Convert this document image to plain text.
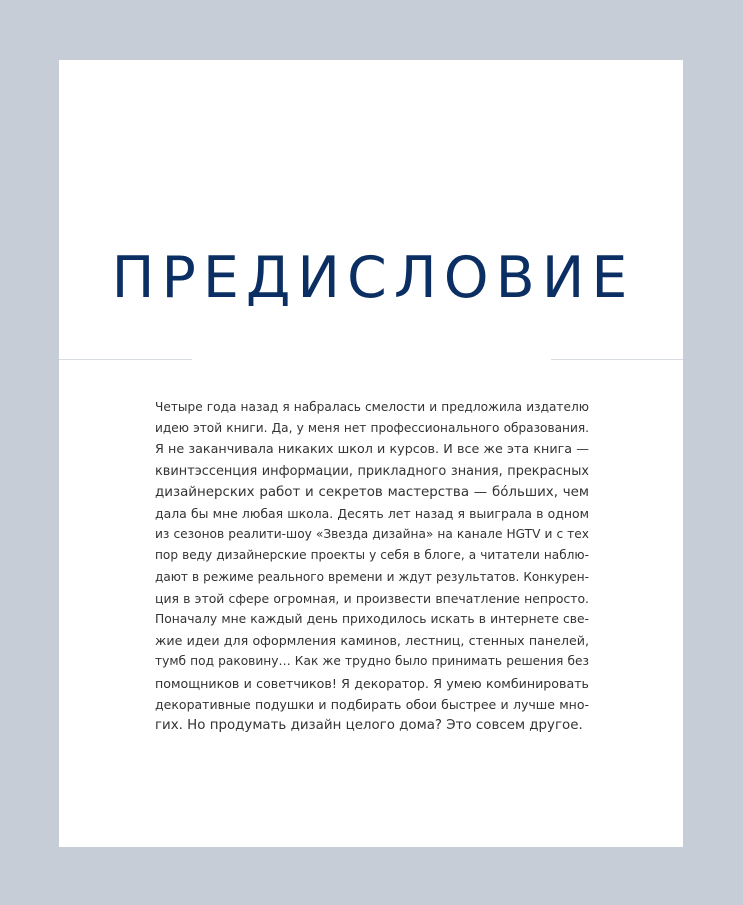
ПРЕДИСЛОВИЕ
Четыре года назад я набралась смелости и предложила издателю
идею этой книги. Да, у меня нет профессионального образования.
Я не заканчивала никаких школ и курсов. И все же эта книга —
квинтэссенция информации, прикладного знания, прекрасных
дизайнерских работ и секретов мастерства — бóльших, чем
дала бы мне любая школа. Десять лет назад я выиграла в одном
из сезонов реалити-шоу «Звезда дизайна» на канале HGTV и с тех
пор веду дизайнерские проекты у себя в блоге, а читатели наблю-
дают в режиме реального времени и ждут результатов. Конкурен-
ция в этой сфере огромная, и произвести впечатление непросто.
Поначалу мне каждый день приходилось искать в интернете све-
жие идеи для оформления каминов, лестниц, стенных панелей,
тумб под раковину… Как же трудно было принимать решения без
помощников и советчиков! Я декоратор. Я умею комбинировать
декоративные подушки и подбирать обои быстрее и лучше мно-
гих. Но продумать дизайн целого дома? Это совсем другое.
